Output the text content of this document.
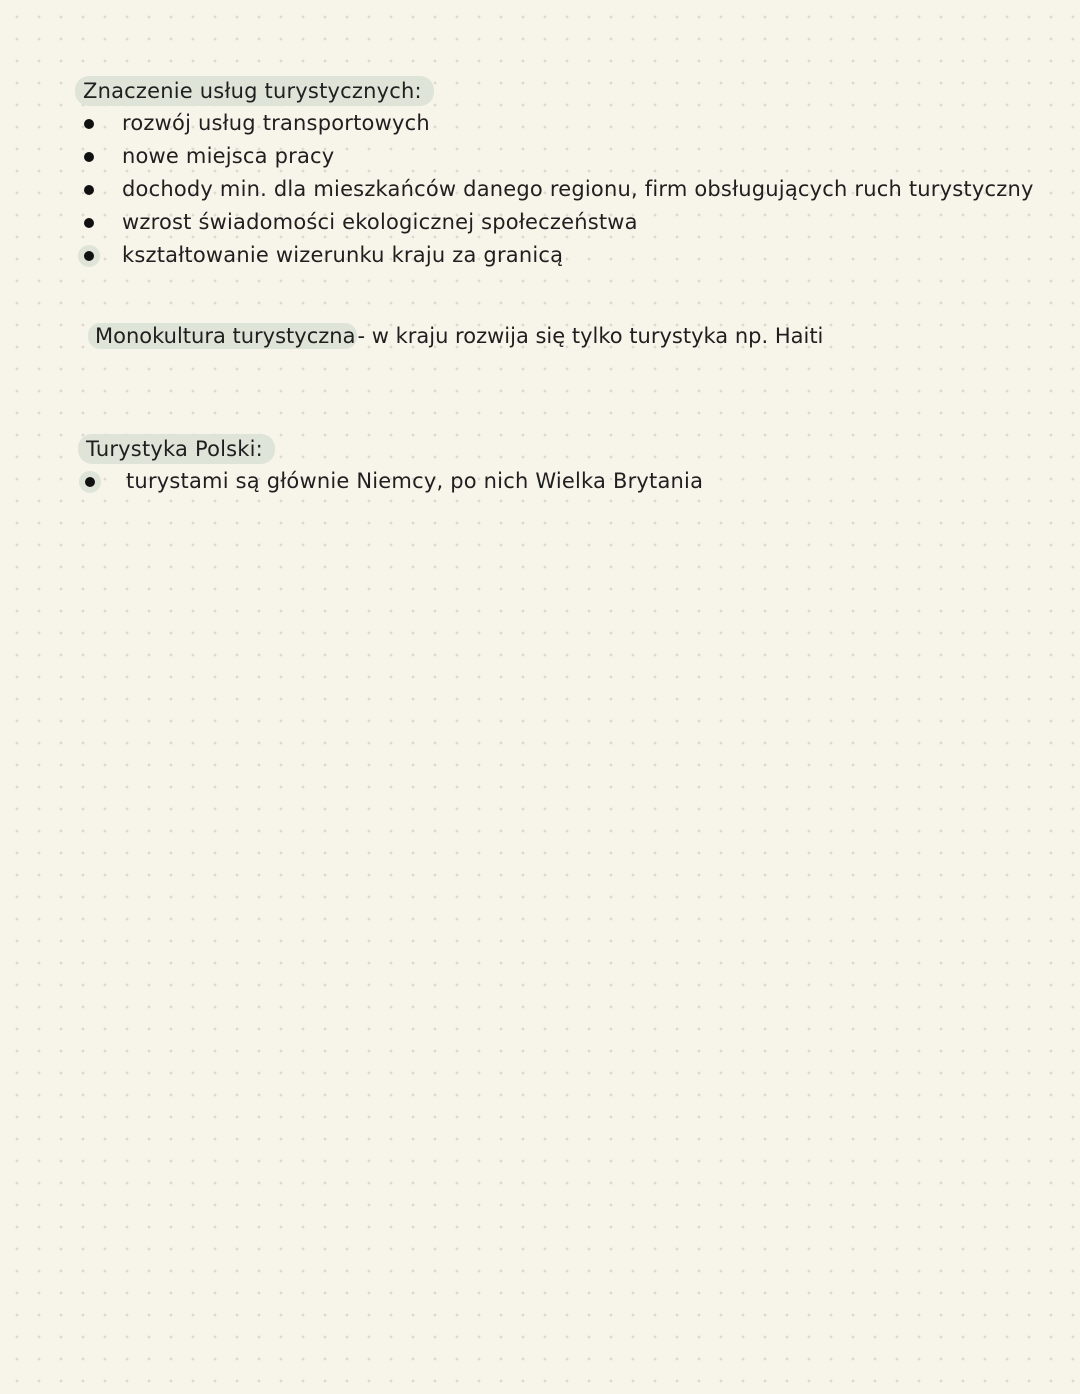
Znaczenie usług turystycznych:
rozwój usług transportowych
nowe miejsca pracy
dochody min. dla mieszkańców danego regionu, firm obsługujących ruch turystyczny
wzrost świadomości ekologicznej społeczeństwa
kształtowanie wizerunku kraju za granicą
Monokultura turystyczna- w kraju rozwija się tylko turystyka np. Haiti
Turystyka Polski:
turystami są głównie Niemcy, po nich Wielka Brytania
